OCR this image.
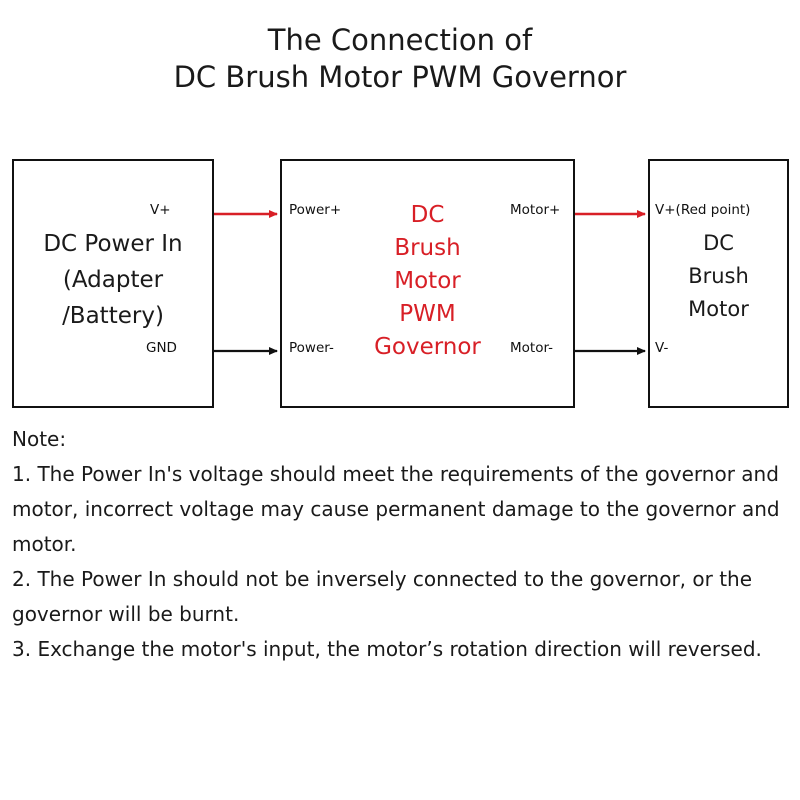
The Connection of
DC Brush Motor PWM Governor
DC Power In
(Adapter
/Battery)
DC
Brush
Motor
PWM
Governor
DC
Brush
Motor
V+
GND
Power+
Power-
Motor+
Motor-
V+(Red point)
V-

Note:

1. The Power In's voltage should meet the requirements of the governor and motor, incorrect voltage may cause permanent damage to the governor and motor.

2. The Power In should not be inversely connected to the governor, or the governor will be burnt.

3. Exchange the motor's input, the motor’s rotation direction will reversed.
